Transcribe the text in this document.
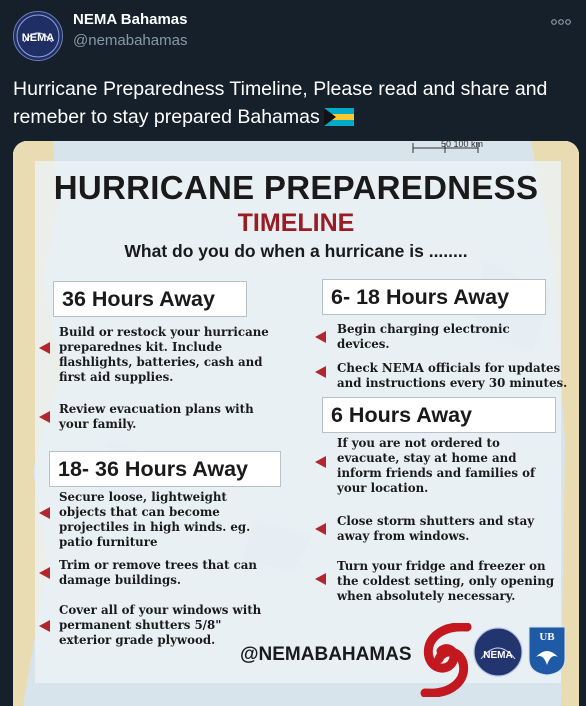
NEMA
NEMA Bahamas
@nemabahamas
Hurricane Preparedness Timeline, Please read and share and remeber to stay prepared Bahamas
50 100 km
HURRICANE PREPAREDNESS
TIMELINE
What do you do when a hurricane is ........
36 Hours Away
18- 36 Hours Away
6- 18 Hours Away
6 Hours Away
Build or restock your hurricane
preparednes kit. Include
flashlights, batteries, cash and
first aid supplies.
Review evacuation plans with
your family.
Secure loose, lightweight
objects that can become
projectiles in high winds. eg.
patio furniture
Trim or remove trees that can
damage buildings.
Cover all of your windows with
permanent shutters 5/8"
exterior grade plywood.
Begin charging electronic
devices.
Check NEMA officials for updates
and instructions every 30 minutes.
If you are not ordered to
evacuate, stay at home and
inform friends and families of
your location.
Close storm shutters and stay
away from windows.
Turn your fridge and freezer on
the coldest setting, only opening
when absolutely necessary.
@NEMABAHAMAS	NEMA
UB
